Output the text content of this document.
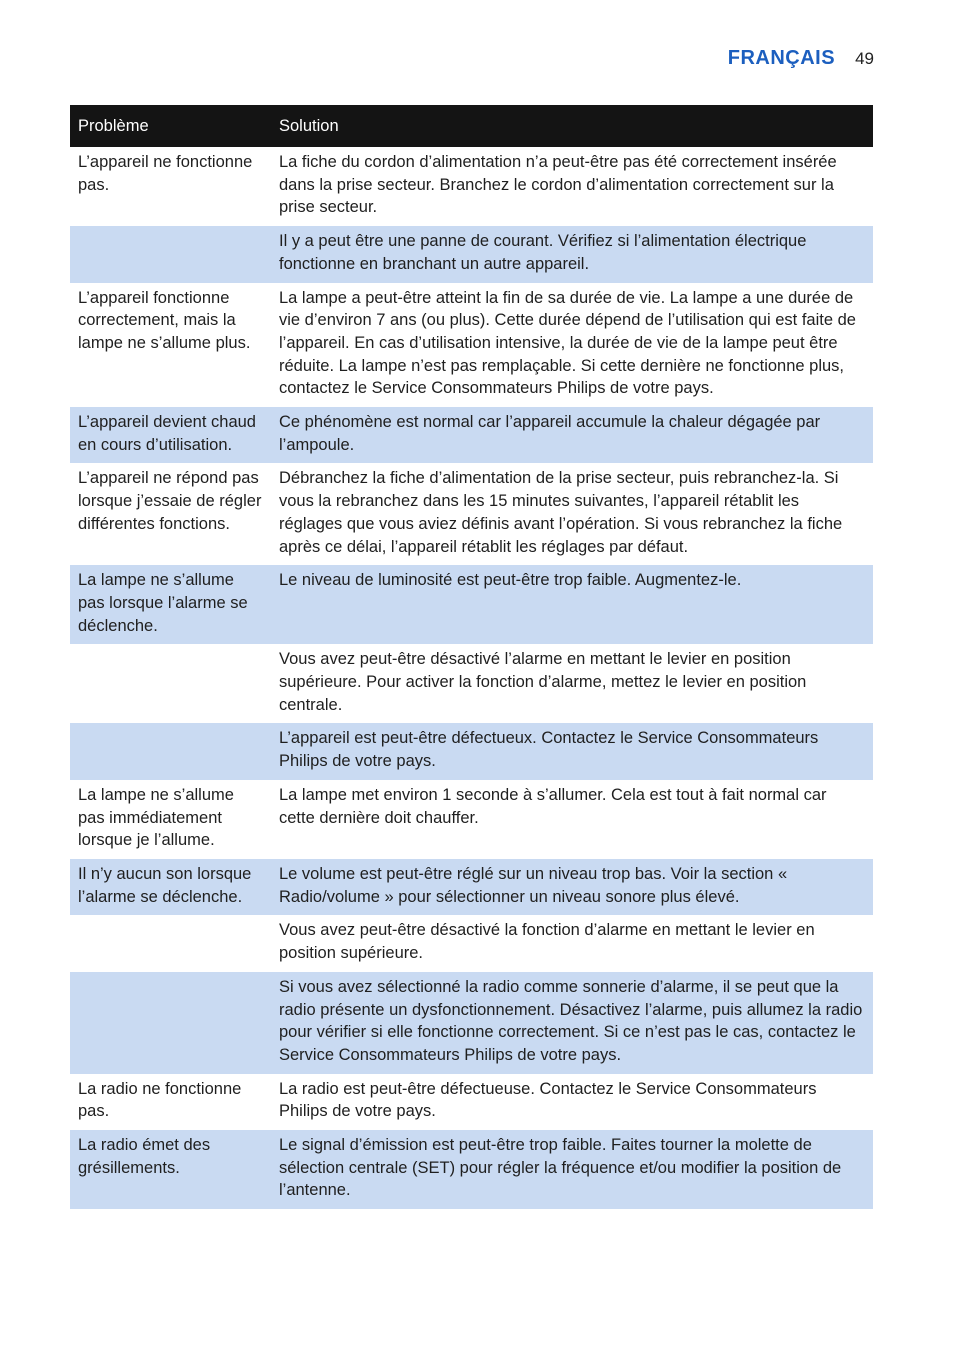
FRANÇAIS 49
Problème	Solution
L’appareil ne fonctionne pas.	La fiche du cordon d’alimentation n’a peut-être pas été correctement insérée dans la prise secteur. Branchez le cordon d’alimentation correctement sur la prise secteur.
	Il y a peut être une panne de courant. Vérifiez si l’alimentation électrique fonctionne en branchant un autre appareil.
L’appareil fonctionne correctement, mais la lampe ne s’allume plus.	La lampe a peut-être atteint la fin de sa durée de vie. La lampe a une durée de vie d’environ 7 ans (ou plus). Cette durée dépend de l’utilisation qui est faite de l’appareil. En cas d’utilisation intensive, la durée de vie de la lampe peut être réduite. La lampe n’est pas remplaçable. Si cette dernière ne fonctionne plus, contactez le Service Consommateurs Philips de votre pays.
L’appareil devient chaud en cours d’utilisation.	Ce phénomène est normal car l’appareil accumule la chaleur dégagée par l’ampoule.
L’appareil ne répond pas lorsque j’essaie de régler différentes fonctions.	Débranchez la fiche d’alimentation de la prise secteur, puis rebranchez-la. Si vous la rebranchez dans les 15 minutes suivantes, l’appareil rétablit les réglages que vous aviez définis avant l’opération. Si vous rebranchez la fiche après ce délai, l’appareil rétablit les réglages par défaut.
La lampe ne s’allume pas lorsque l’alarme se déclenche.	Le niveau de luminosité est peut-être trop faible. Augmentez-le.
	Vous avez peut-être désactivé l’alarme en mettant le levier en position supérieure. Pour activer la fonction d’alarme, mettez le levier en position centrale.
	L’appareil est peut-être défectueux. Contactez le Service Consommateurs Philips de votre pays.
La lampe ne s’allume pas immédiatement lorsque je l’allume.	La lampe met environ 1 seconde à s’allumer. Cela est tout à fait normal car cette dernière doit chauffer.
Il n’y aucun son lorsque l’alarme se déclenche.	Le volume est peut-être réglé sur un niveau trop bas. Voir la section « Radio/volume » pour sélectionner un niveau sonore plus élevé.
	Vous avez peut-être désactivé la fonction d’alarme en mettant le levier en position supérieure.
	Si vous avez sélectionné la radio comme sonnerie d’alarme, il se peut que la radio présente un dysfonctionnement. Désactivez l’alarme, puis allumez la radio pour vérifier si elle fonctionne correctement. Si ce n’est pas le cas, contactez le Service Consommateurs Philips de votre pays.
La radio ne fonctionne pas.	La radio est peut-être défectueuse. Contactez le Service Consommateurs Philips de votre pays.
La radio émet des grésillements.	Le signal d’émission est peut-être trop faible. Faites tourner la molette de sélection centrale (SET) pour régler la fréquence et/ou modifier la position de l’antenne.
